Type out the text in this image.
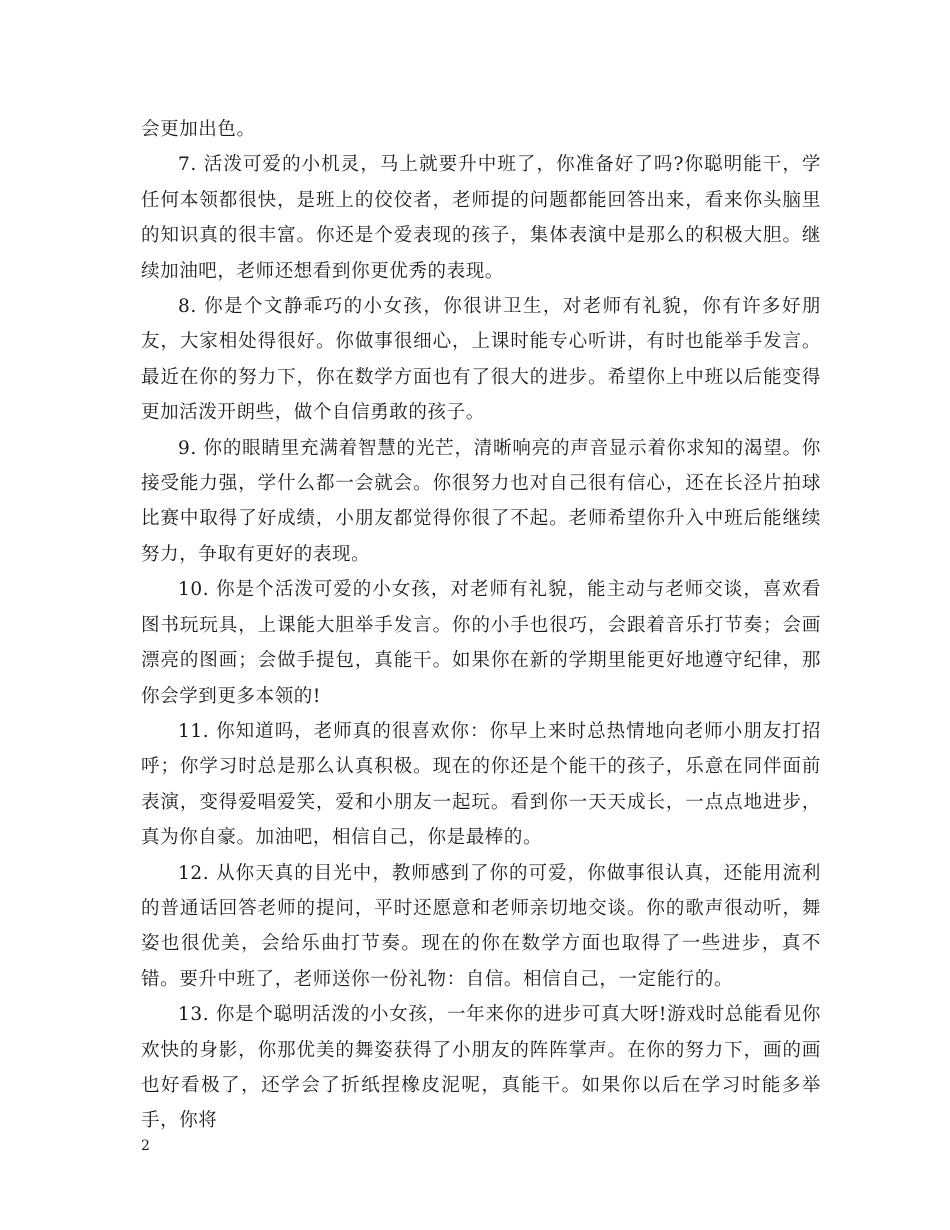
会更加出色。

7. 活泼可爱的小机灵，马上就要升中班了，你准备好了吗?你聪明能干，学任何本领都很快，是班上的佼佼者，老师提的问题都能回答出来，看来你头脑里的知识真的很丰富。你还是个爱表现的孩子，集体表演中是那么的积极大胆。继续加油吧，老师还想看到你更优秀的表现。

8. 你是个文静乖巧的小女孩，你很讲卫生，对老师有礼貌，你有许多好朋友，大家相处得很好。你做事很细心，上课时能专心听讲，有时也能举手发言。最近在你的努力下，你在数学方面也有了很大的进步。希望你上中班以后能变得更加活泼开朗些，做个自信勇敢的孩子。

9. 你的眼睛里充满着智慧的光芒，清晰响亮的声音显示着你求知的渴望。你接受能力强，学什么都一会就会。你很努力也对自己很有信心，还在长泾片拍球比赛中取得了好成绩，小朋友都觉得你很了不起。老师希望你升入中班后能继续努力，争取有更好的表现。

10. 你是个活泼可爱的小女孩，对老师有礼貌，能主动与老师交谈，喜欢看图书玩玩具，上课能大胆举手发言。你的小手也很巧，会跟着音乐打节奏；会画漂亮的图画；会做手提包，真能干。如果你在新的学期里能更好地遵守纪律，那你会学到更多本领的!

11. 你知道吗，老师真的很喜欢你：你早上来时总热情地向老师小朋友打招呼；你学习时总是那么认真积极。现在的你还是个能干的孩子，乐意在同伴面前表演，变得爱唱爱笑，爱和小朋友一起玩。看到你一天天成长，一点点地进步，真为你自豪。加油吧，相信自己，你是最棒的。

12. 从你天真的目光中，教师感到了你的可爱，你做事很认真，还能用流利的普通话回答老师的提问，平时还愿意和老师亲切地交谈。你的歌声很动听，舞姿也很优美，会给乐曲打节奏。现在的你在数学方面也取得了一些进步，真不错。要升中班了，老师送你一份礼物：自信。相信自己，一定能行的。

13. 你是个聪明活泼的小女孩，一年来你的进步可真大呀!游戏时总能看见你欢快的身影，你那优美的舞姿获得了小朋友的阵阵掌声。在你的努力下，画的画也好看极了，还学会了折纸捏橡皮泥呢，真能干。如果你以后在学习时能多举手，你将

2
